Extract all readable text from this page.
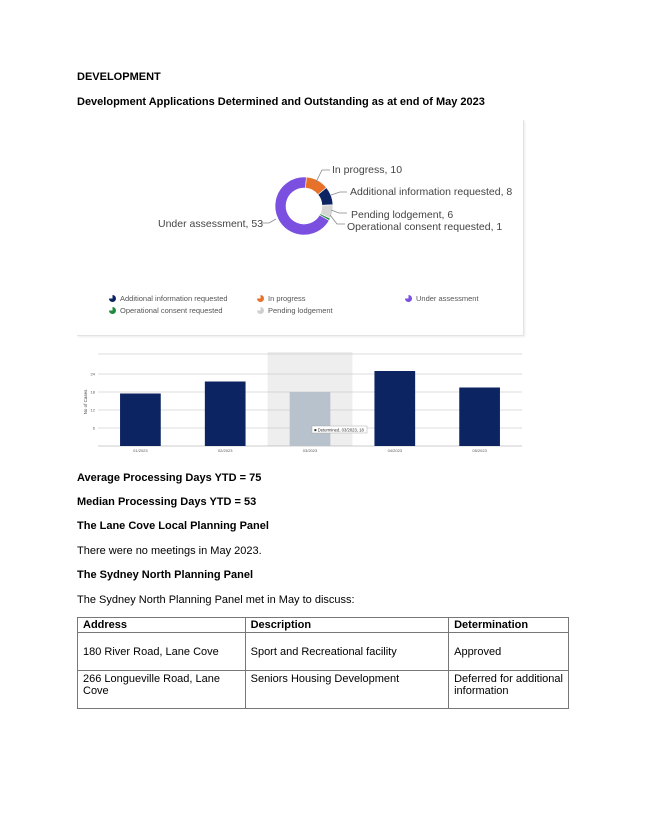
DEVELOPMENT
Development Applications Determined and Outstanding as at end of May 2023
In progress, 10
Additional information requested, 8
Pending lodgement, 6
Operational consent requested, 1
Under assessment, 53
Additional information requested	In progress	Under assessment
Operational consent requested	Pending lodgement
01/2023	02/2023	03/2023	04/2023	05/2023
6
12
18
24
No of Cases
■ Determined, 03/2023, 18
Average Processing Days YTD = 75
Median Processing Days YTD = 53
The Lane Cove Local Planning Panel
There were no meetings in May 2023.
The Sydney North Planning Panel
The Sydney North Planning Panel met in May to discuss:
Address	Description	Determination
180 River Road, Lane Cove	Sport and Recreational facility	Approved
266 Longueville Road, Lane Cove	Seniors Housing Development	Deferred for additional information
